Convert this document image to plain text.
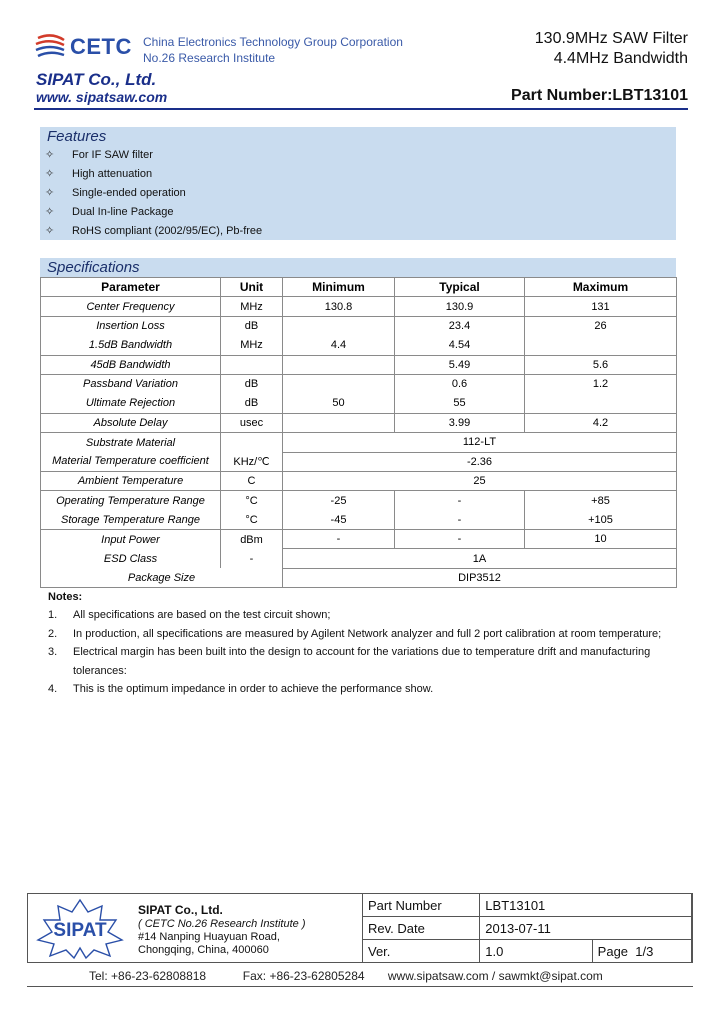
CETC China Electronics Technology Group Corporation
No.26 Research Institute
130.9MHz SAW Filter
4.4MHz Bandwidth
SIPAT Co., Ltd.
www. sipatsaw.com	Part Number:LBT13101
Features
✧ For IF SAW filter
✧ High attenuation
✧ Single-ended operation
✧ Dual In-line Package
✧ RoHS compliant (2002/95/EC), Pb-free
Specifications
Parameter	Unit	Minimum	Typical	Maximum
Center Frequency	MHz	130.8	130.9	131
Insertion Loss	dB		23.4	26
1.5dB Bandwidth	MHz	4.4	4.54	
45dB Bandwidth			5.49	5.6
Passband Variation	dB		0.6	1.2
Ultimate Rejection	dB	50	55	
Absolute Delay	usec		3.99	4.2
Substrate Material		112-LT		
Material Temperature coefficient	KHz/℃	-2.36		
Ambient Temperature	C	25		
Operating Temperature Range	°C	-25	-	+85
Storage Temperature Range	°C	-45	-	+105
Input Power	dBm	-	-	10
ESD Class	-	1A		
Package Size		DIP3512		
Notes:
1. All specifications are based on the test circuit shown;
2. In production, all specifications are measured by Agilent Network analyzer and full 2 port calibration at room temperature;
3. Electrical margin has been built into the design to account for the variations due to temperature drift and manufacturing tolerances:
4. This is the optimum impedance in order to achieve the performance show.
SIPAT
SIPAT Co., Ltd.
( CETC No.26 Research Institute )
#14 Nanping Huayuan Road,
Chongqing, China, 400060
Part Number	LBT13101	
Rev. Date	2013-07-11	
Ver.	1.0	Page 1/3
Tel: +86-23-62808818	Fax: +86-23-62805284 www.sipatsaw.com / sawmkt@sipat.com
